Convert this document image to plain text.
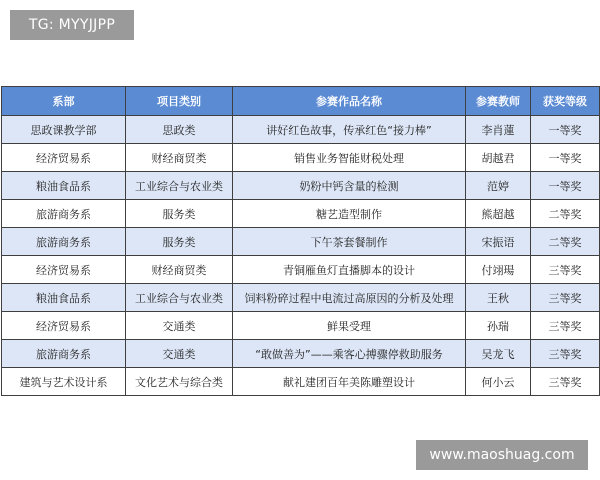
TG: MYYJJPP
系部	项目类别	参赛作品名称	参赛教师	获奖等级
思政课教学部	思政类	讲好红色故事，传承红色“接力棒”	李肖蓮	一等奖
经济贸易系	财经商贸类	销售业务智能财税处理	胡越君	一等奖
粮油食品系	工业综合与农业类	奶粉中钙含量的检测	范婷	一等奖
旅游商务系	服务类	糖艺造型制作	熊超越	二等奖
旅游商务系	服务类	下午茶套餐制作	宋振语	二等奖
经济贸易系	财经商贸类	青铜雁鱼灯直播脚本的设计	付翊瑒	三等奖
粮油食品系	工业综合与农业类	饲料粉碎过程中电流过高原因的分析及处理	王秋	三等奖
经济贸易系	交通类	鲜果受理	孙瑞	三等奖
旅游商务系	交通类	“敢做善为”——乘客心搏骤停救助服务	吴龙飞	三等奖
建筑与艺术设计系	文化艺术与综合类	献礼建团百年美陈雕塑设计	何小云	三等奖
www.maoshuag.com
